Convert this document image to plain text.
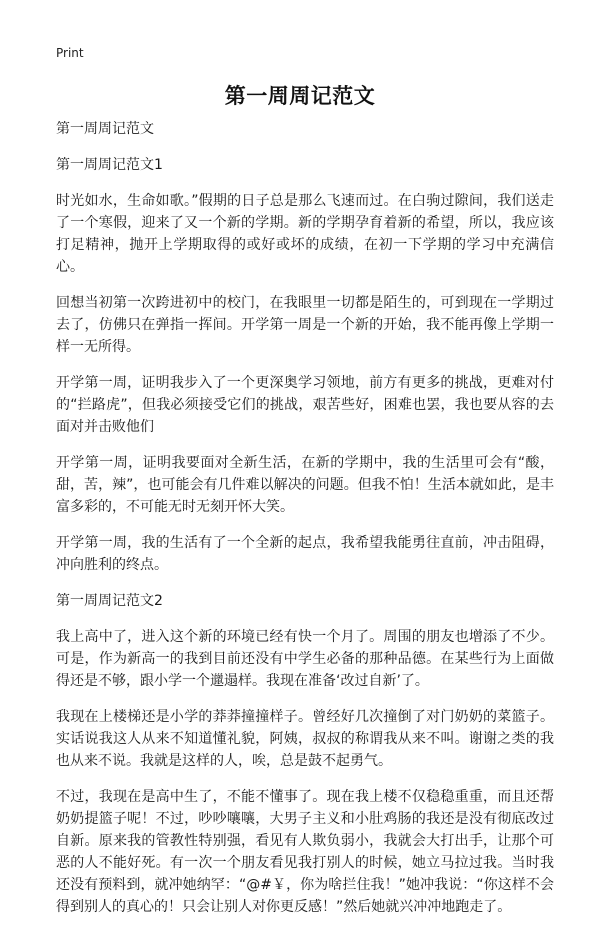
Print
第一周周记范文

第一周周记范文

第一周周记范文1

时光如水，生命如歌。”假期的日子总是那么飞速而过。在白驹过隙间，我们送走了一个寒假，迎来了又一个新的学期。新的学期孕育着新的希望，所以，我应该打足精神，抛开上学期取得的或好或坏的成绩，在初一下学期的学习中充满信心。

回想当初第一次跨进初中的校门，在我眼里一切都是陌生的，可到现在一学期过去了，仿佛只在弹指一挥间。开学第一周是一个新的开始，我不能再像上学期一样一无所得。

开学第一周，证明我步入了一个更深奥学习领地，前方有更多的挑战，更难对付的“拦路虎”，但我必须接受它们的挑战，艰苦些好，困难也罢，我也要从容的去面对并击败他们

开学第一周，证明我要面对全新生活，在新的学期中，我的生活里可会有“酸，甜，苦，辣”，也可能会有几件难以解决的问题。但我不怕！生活本就如此，是丰富多彩的，不可能无时无刻开怀大笑。

开学第一周，我的生活有了一个全新的起点，我希望我能勇往直前，冲击阻碍，冲向胜利的终点。

第一周周记范文2

我上高中了，进入这个新的环境已经有快一个月了。周围的朋友也增添了不少。可是，作为新高一的我到目前还没有中学生必备的那种品德。在某些行为上面做得还是不够，跟小学一个邋遢样。我现在准备‘改过自新’了。

我现在上楼梯还是小学的莽莽撞撞样子。曾经好几次撞倒了对门奶奶的菜篮子。实话说我这人从来不知道懂礼貌，阿姨，叔叔的称谓我从来不叫。谢谢之类的我也从来不说。我就是这样的人，唉，总是鼓不起勇气。

不过，我现在是高中生了，不能不懂事了。现在我上楼不仅稳稳重重，而且还帮奶奶提篮子呢！不过，吵吵嚷嚷，大男子主义和小肚鸡肠的我还是没有彻底改过自新。原来我的管教性特别强，看见有人欺负弱小，我就会大打出手，让那个可恶的人不能好死。有一次一个朋友看见我打别人的时候，她立马拉过我。当时我还没有预料到，就冲她纳罕：“@#￥，你为啥拦住我！”她冲我说：“你这样不会得到别人的真心的！只会让别人对你更反感！”然后她就兴冲冲地跑走了。
